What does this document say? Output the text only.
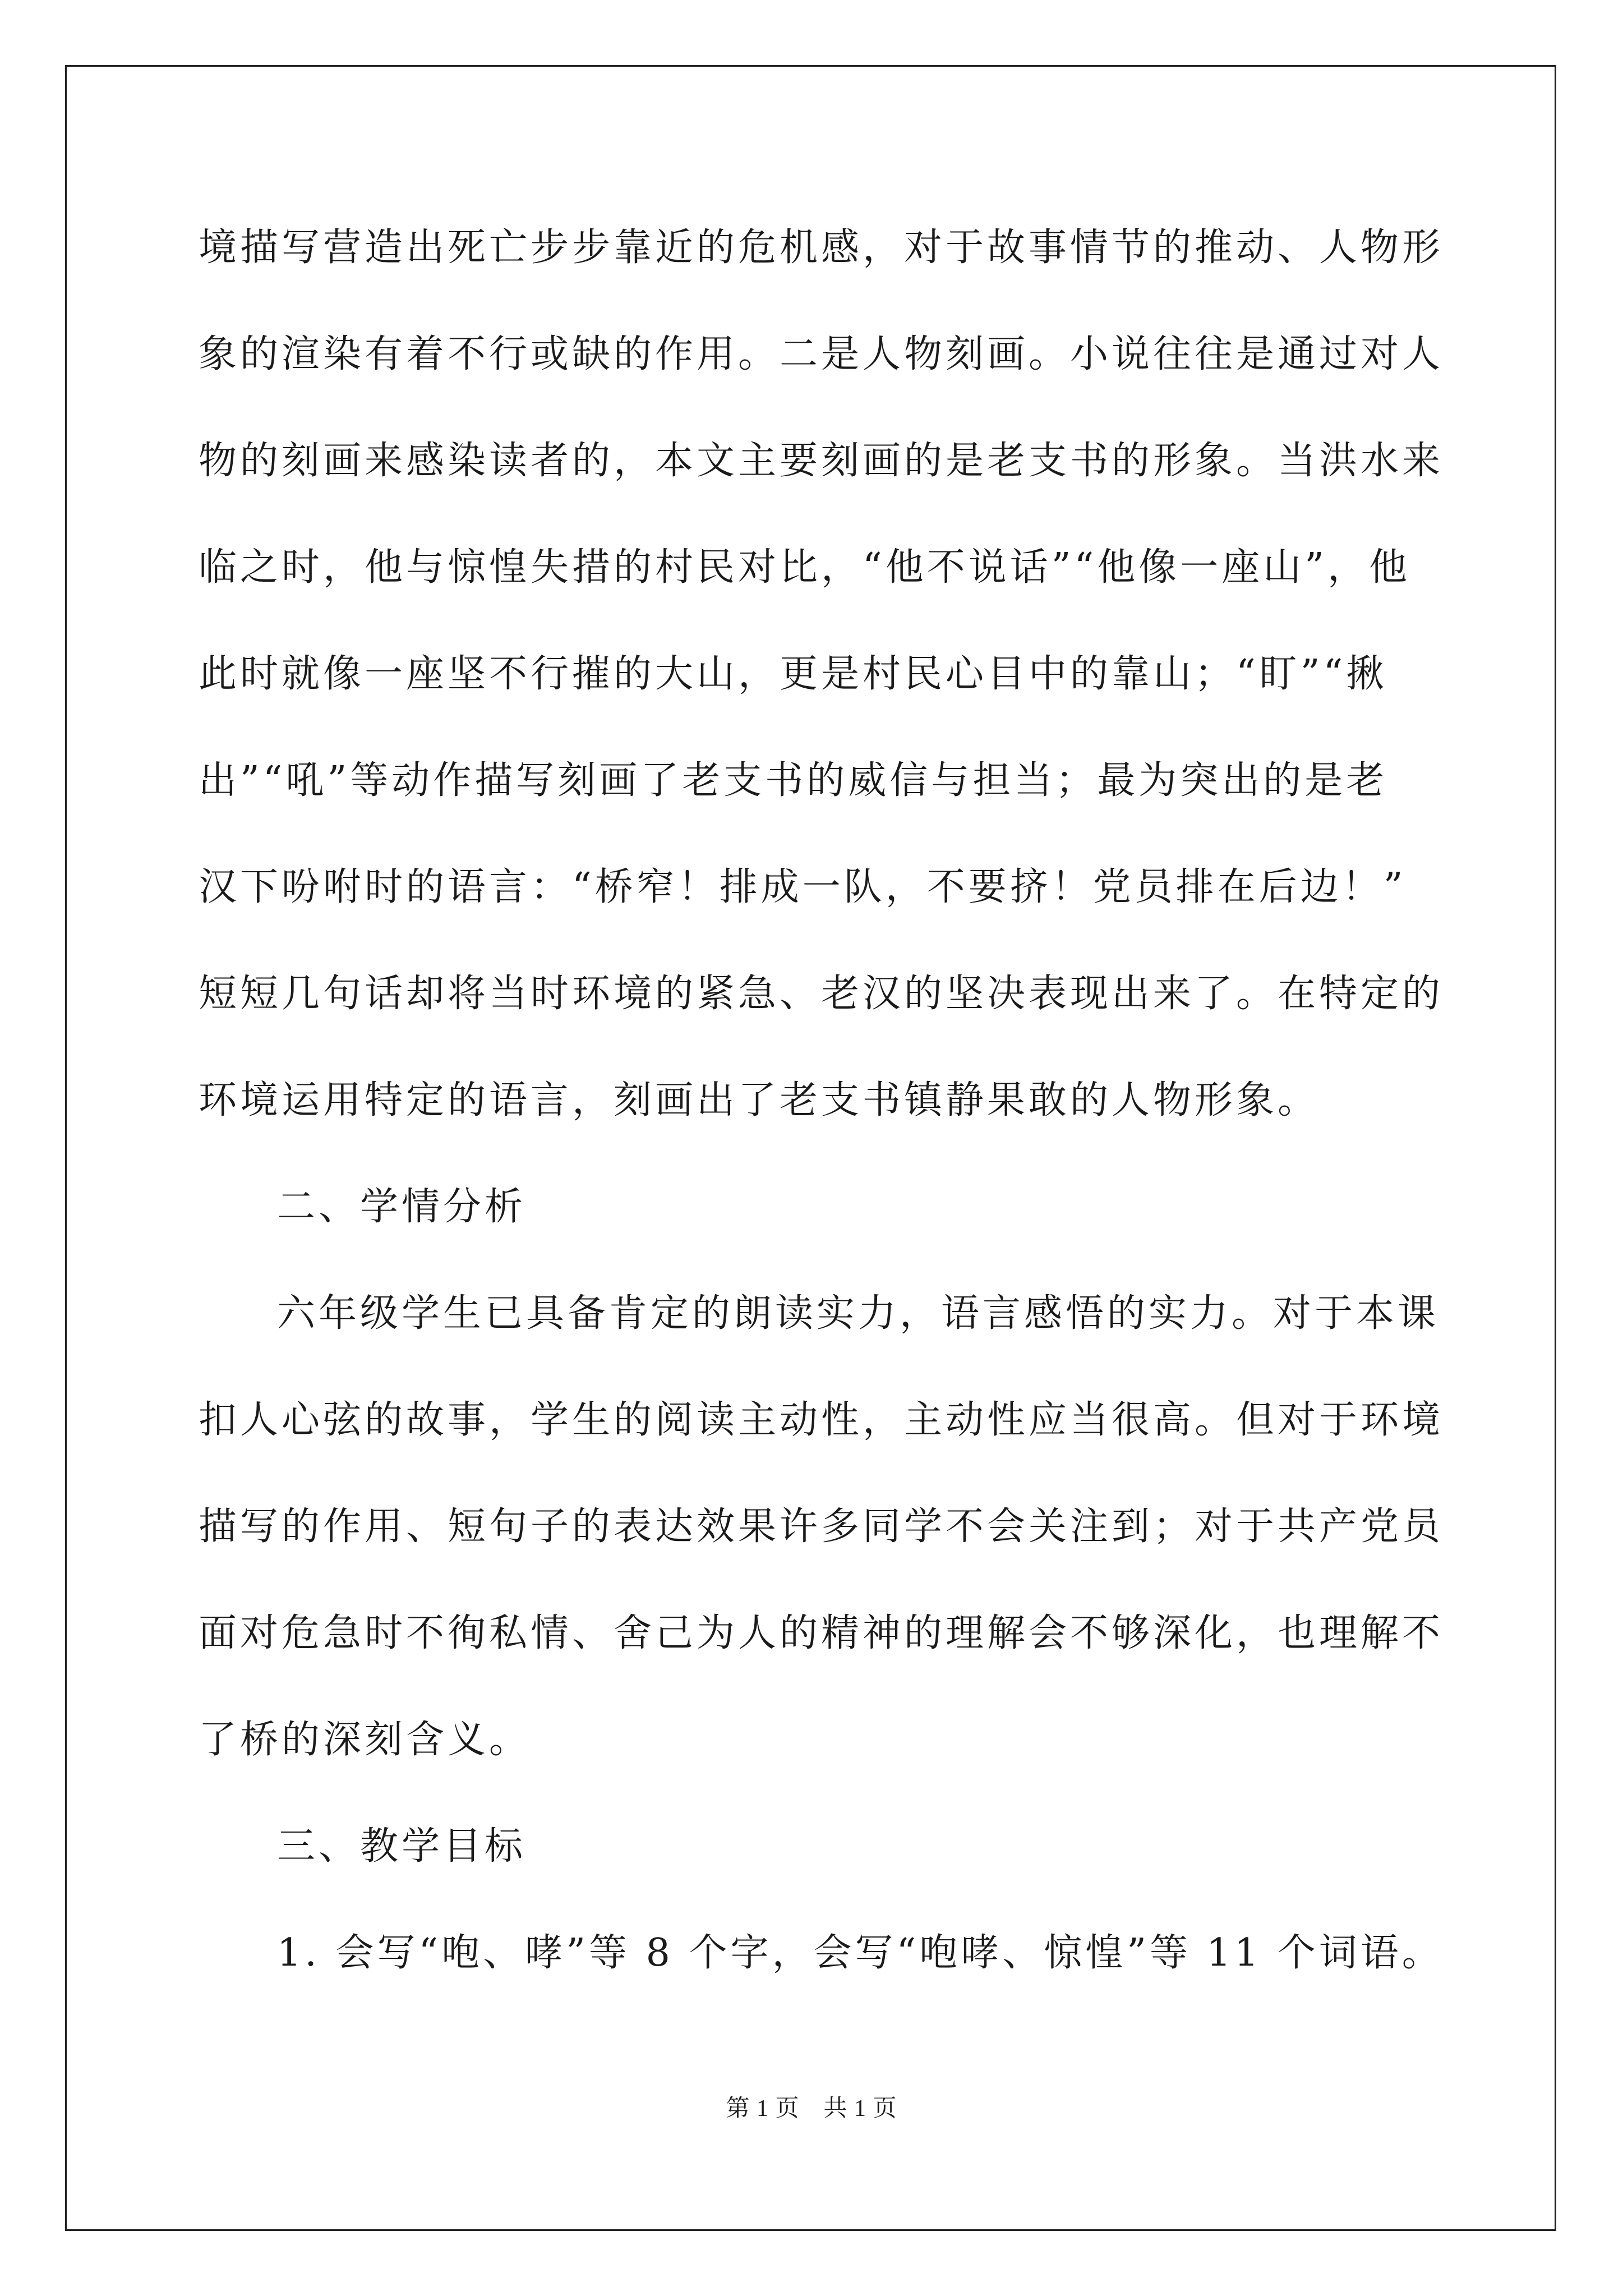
境描写营造出死亡步步靠近的危机感，对于故事情节的推动、人物形
象的渲染有着不行或缺的作用。二是人物刻画。小说往往是通过对人
物的刻画来感染读者的，本文主要刻画的是老支书的形象。当洪水来
临之时，他与惊惶失措的村民对比，“他不说话”“他像一座山”，他
此时就像一座坚不行摧的大山，更是村民心目中的靠山；“盯”“揪
出”“吼”等动作描写刻画了老支书的威信与担当；最为突出的是老
汉下吩咐时的语言：“桥窄！排成一队，不要挤！党员排在后边！”
短短几句话却将当时环境的紧急、老汉的坚决表现出来了。在特定的
环境运用特定的语言，刻画出了老支书镇静果敢的人物形象。
二、学情分析
六年级学生已具备肯定的朗读实力，语言感悟的实力。对于本课
扣人心弦的故事，学生的阅读主动性，主动性应当很高。但对于环境
描写的作用、短句子的表达效果许多同学不会关注到；对于共产党员
面对危急时不徇私情、舍己为人的精神的理解会不够深化，也理解不
了桥的深刻含义。
三、教学目标
1. 会写“咆、哮”等 8 个字，会写“咆哮、惊惶”等 11 个词语。
第 1 页　共 1 页
